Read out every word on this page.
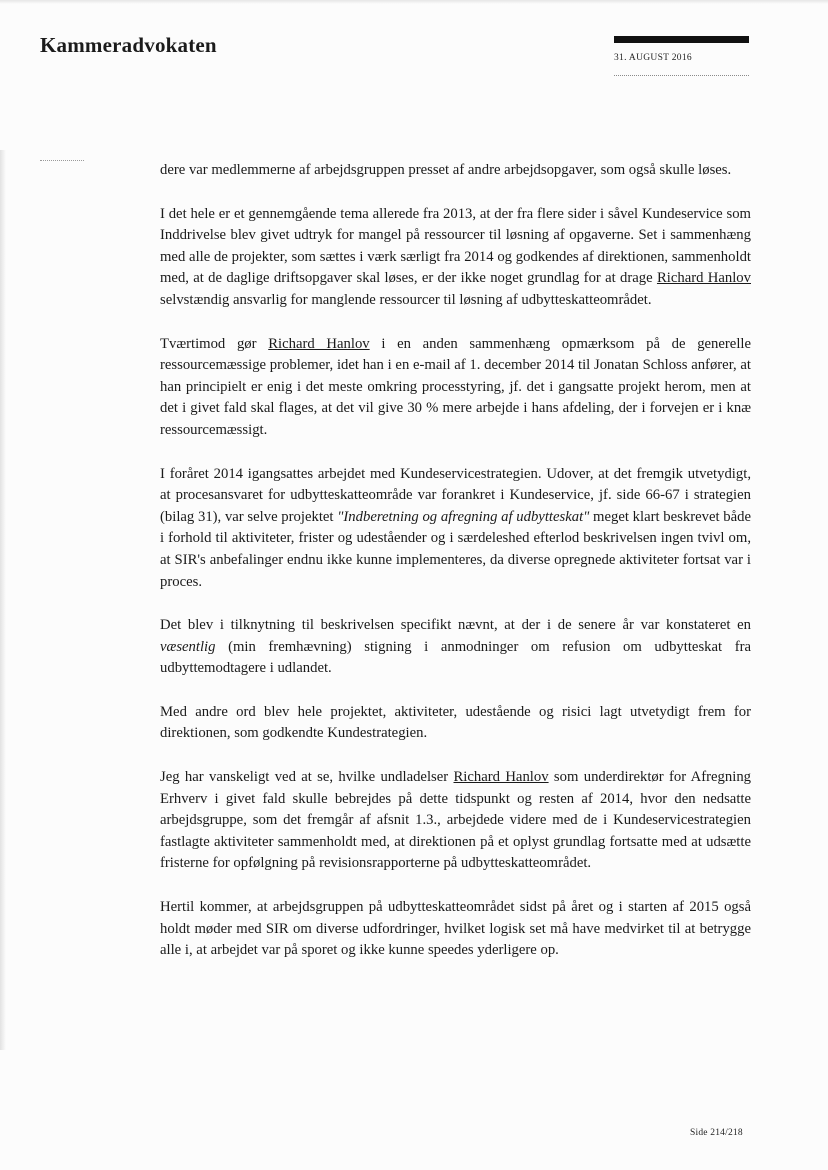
Kammeradvokaten
31. AUGUST 2016

dere var medlemmerne af arbejdsgruppen presset af andre arbejdsopgaver, som også skulle løses.

I det hele er et gennemgående tema allerede fra 2013, at der fra flere sider i såvel Kundeservice som Inddrivelse blev givet udtryk for mangel på ressourcer til løsning af opgaverne. Set i sammenhæng med alle de projekter, som sættes i værk særligt fra 2014 og godkendes af direktionen, sammenholdt med, at de daglige driftsopgaver skal løses, er der ikke noget grundlag for at drage Richard Hanlov selvstændig ansvarlig for manglende ressourcer til løsning af udbytteskatteområdet.

Tværtimod gør Richard Hanlov i en anden sammenhæng opmærksom på de generelle ressourcemæssige problemer, idet han i en e-mail af 1. december 2014 til Jonatan Schloss anfører, at han principielt er enig i det meste omkring processtyring, jf. det i gangsatte projekt herom, men at det i givet fald skal flages, at det vil give 30 % mere arbejde i hans afdeling, der i forvejen er i knæ ressourcemæssigt.

I foråret 2014 igangsattes arbejdet med Kundeservicestrategien. Udover, at det fremgik utvetydigt, at procesansvaret for udbytteskatteområde var forankret i Kundeservice, jf. side 66-67 i strategien (bilag 31), var selve projektet "Indberetning og afregning af udbytteskat" meget klart beskrevet både i forhold til aktiviteter, frister og udeståender og i særdeleshed efterlod beskrivelsen ingen tvivl om, at SIR's anbefalinger endnu ikke kunne implementeres, da diverse opregnede aktiviteter fortsat var i proces.

Det blev i tilknytning til beskrivelsen specifikt nævnt, at der i de senere år var konstateret en væsentlig (min fremhævning) stigning i anmodninger om refusion om udbytteskat fra udbyttemodtagere i udlandet.

Med andre ord blev hele projektet, aktiviteter, udestående og risici lagt utvetydigt frem for direktionen, som godkendte Kundestrategien.

Jeg har vanskeligt ved at se, hvilke undladelser Richard Hanlov som underdirektør for Afregning Erhverv i givet fald skulle bebrejdes på dette tidspunkt og resten af 2014, hvor den nedsatte arbejdsgruppe, som det fremgår af afsnit 1.3., arbejdede videre med de i Kundeservicestrategien fastlagte aktiviteter sammenholdt med, at direktionen på et oplyst grundlag fortsatte med at udsætte fristerne for opfølgning på revisionsrapporterne på udbytteskatteområdet.

Hertil kommer, at arbejdsgruppen på udbytteskatteområdet sidst på året og i starten af 2015 også holdt møder med SIR om diverse udfordringer, hvilket logisk set må have medvirket til at betrygge alle i, at arbejdet var på sporet og ikke kunne speedes yderligere op.

Side 214/218
